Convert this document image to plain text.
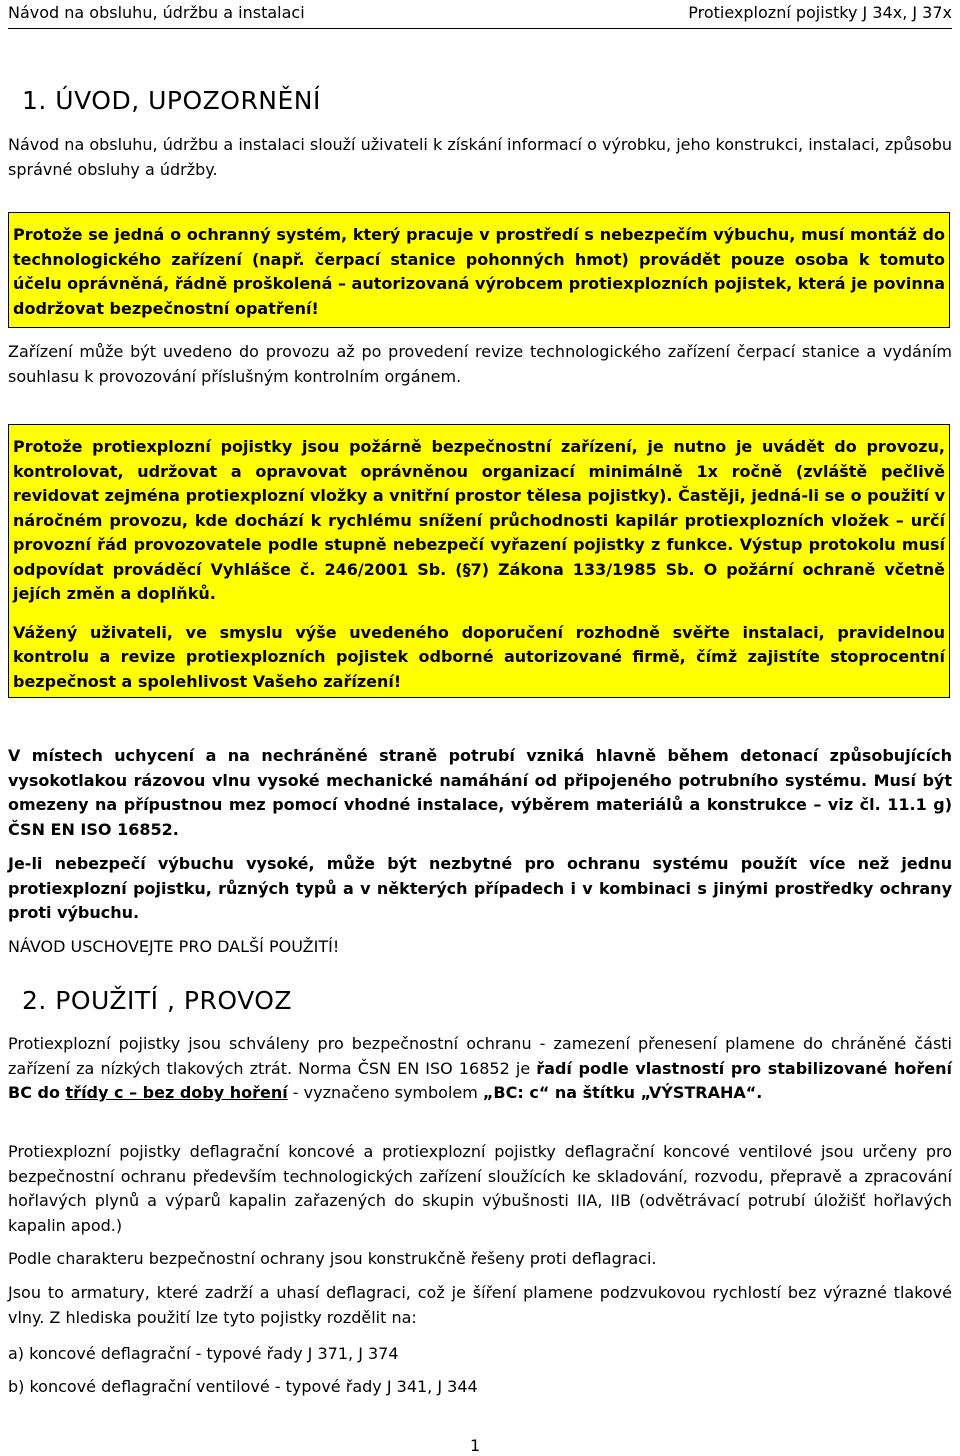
Návod na obsluhu, údržbu a instalaci	Protiexplozní pojistky J 34x, J 37x
1. ÚVOD, UPOZORNĚNÍ

Návod na obsluhu, údržbu a instalaci slouží uživateli k získání informací o výrobku, jeho konstrukci, instalaci, způsobu správné obsluhy a údržby.

Protože se jedná o ochranný systém, který pracuje v prostředí s nebezpečím výbuchu, musí montáž do technologického zařízení (např. čerpací stanice pohonných hmot) provádět pouze osoba k tomuto účelu oprávněná, řádně proškolená – autorizovaná výrobcem protiexplozních pojistek, která je povinna dodržovat bezpečnostní opatření!

Zařízení může být uvedeno do provozu až po provedení revize technologického zařízení čerpací stanice a vydáním souhlasu k provozování příslušným kontrolním orgánem.

Protože protiexplozní pojistky jsou požárně bezpečnostní zařízení, je nutno je uvádět do provozu, kontrolovat, udržovat a opravovat oprávněnou organizací minimálně 1x ročně (zvláště pečlivě revidovat zejména protiexplozní vložky a vnitřní prostor tělesa pojistky). Častěji, jedná-li se o použití v náročném provozu, kde dochází k rychlému snížení průchodnosti kapilár protiexplozních vložek – určí provozní řád provozovatele podle stupně nebezpečí vyřazení pojistky z funkce. Výstup protokolu musí odpovídat prováděcí Vyhlášce č. 246/2001 Sb. (§7) Zákona 133/1985 Sb. O požární ochraně včetně jejích změn a doplňků.

Vážený uživateli, ve smyslu výše uvedeného doporučení rozhodně svěřte instalaci, pravidelnou kontrolu a revize protiexplozních pojistek odborné autorizované firmě, čímž zajistíte stoprocentní bezpečnost a spolehlivost Vašeho zařízení!

V místech uchycení a na nechráněné straně potrubí vzniká hlavně během detonací způsobujících vysokotlakou rázovou vlnu vysoké mechanické namáhání od připojeného potrubního systému. Musí být omezeny na přípustnou mez pomocí vhodné instalace, výběrem materiálů a konstrukce – viz čl. 11.1 g) ČSN EN ISO 16852.

Je-li nebezpečí výbuchu vysoké, může být nezbytné pro ochranu systému použít více než jednu protiexplozní pojistku, různých typů a v některých případech i v kombinaci s jinými prostředky ochrany proti výbuchu.

NÁVOD USCHOVEJTE PRO DALŠÍ POUŽITÍ!

2. POUŽITÍ , PROVOZ

Protiexplozní pojistky jsou schváleny pro bezpečnostní ochranu - zamezení přenesení plamene do chráněné části zařízení za nízkých tlakových ztrát. Norma ČSN EN ISO 16852 je řadí podle vlastností pro stabilizované hoření BC do třídy c – bez doby hoření - vyznačeno symbolem „BC: c“ na štítku „VÝSTRAHA“.

Protiexplozní pojistky deflagrační koncové a protiexplozní pojistky deflagrační koncové ventilové jsou určeny pro bezpečnostní ochranu především technologických zařízení sloužících ke skladování, rozvodu, přepravě a zpracování hořlavých plynů a výparů kapalin zařazených do skupin výbušnosti IIA, IIB (odvětrávací potrubí úložišť hořlavých kapalin apod.)

Podle charakteru bezpečnostní ochrany jsou konstrukčně řešeny proti deflagraci.

Jsou to armatury, které zadrží a uhasí deflagraci, což je šíření plamene podzvukovou rychlostí bez výrazné tlakové vlny. Z hlediska použití lze tyto pojistky rozdělit na:

a) koncové deflagrační - typové řady J 371, J 374

b) koncové deflagrační ventilové - typové řady J 341, J 344

1
